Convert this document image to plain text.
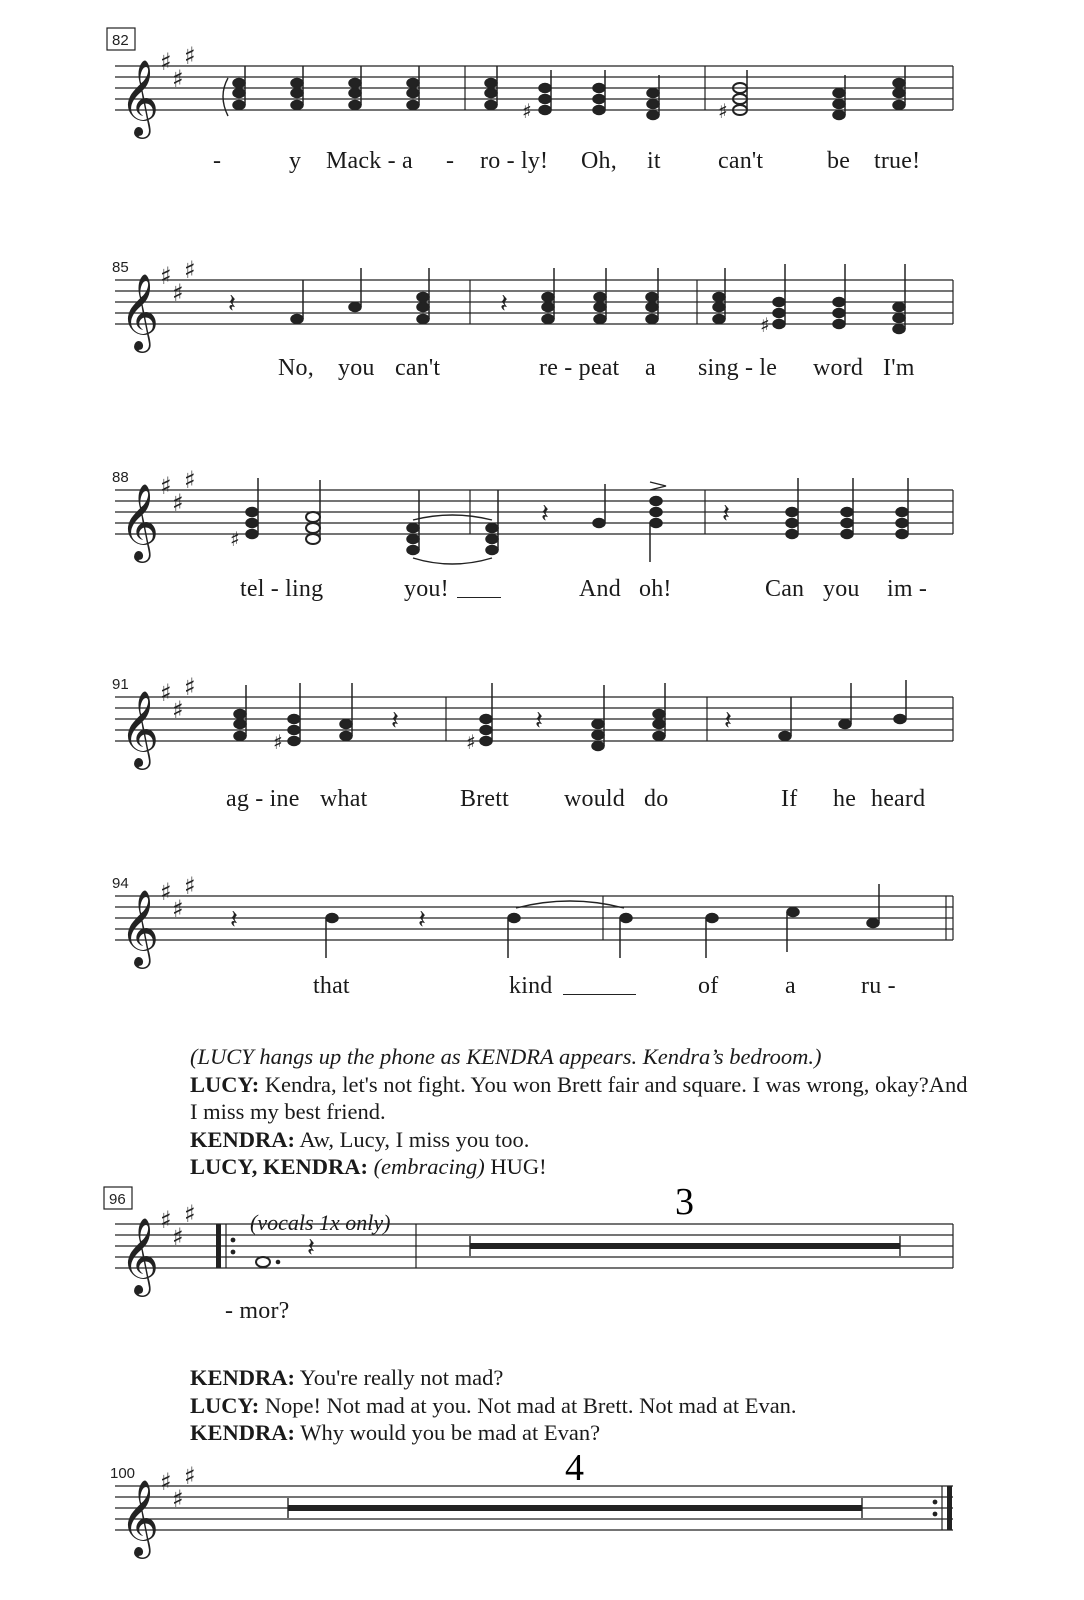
82
𝄞 ♯
♯
♯
♯	♯
-	y Mack - a - ro - ly! Oh, it can't	be true!
85
𝄞 ♯
♯
♯
𝄽	𝄽
♯
No, you can't	re - peat a sing - le word I'm
88
𝄞 ♯
♯
♯
♯
𝄽	𝄽
tel - ling	you!	And oh!	Can you im -
91
𝄞 ♯
♯
♯
♯	♯
𝄽	𝄽	𝄽
ag - ine what	Brett would do	If he heard
94
𝄞 ♯
♯
♯
𝄽	𝄽
that	kind	of	a	ru -

(LUCY hangs up the phone as KENDRA appears. Kendra’s bedroom.)

LUCY: Kendra, let's not fight. You won Brett fair and square. I was wrong, okay?And I miss my best friend.

KENDRA: Aw, Lucy, I miss you too.

LUCY, KENDRA: (embracing) HUG!

(vocals 1x only)
96	3
𝄞 ♯
♯
♯
𝄽
- mor?

KENDRA: You're really not mad?

LUCY: Nope! Not mad at you. Not mad at Brett. Not mad at Evan.

KENDRA: Why would you be mad at Evan?

100	4
𝄞 ♯
♯
♯
